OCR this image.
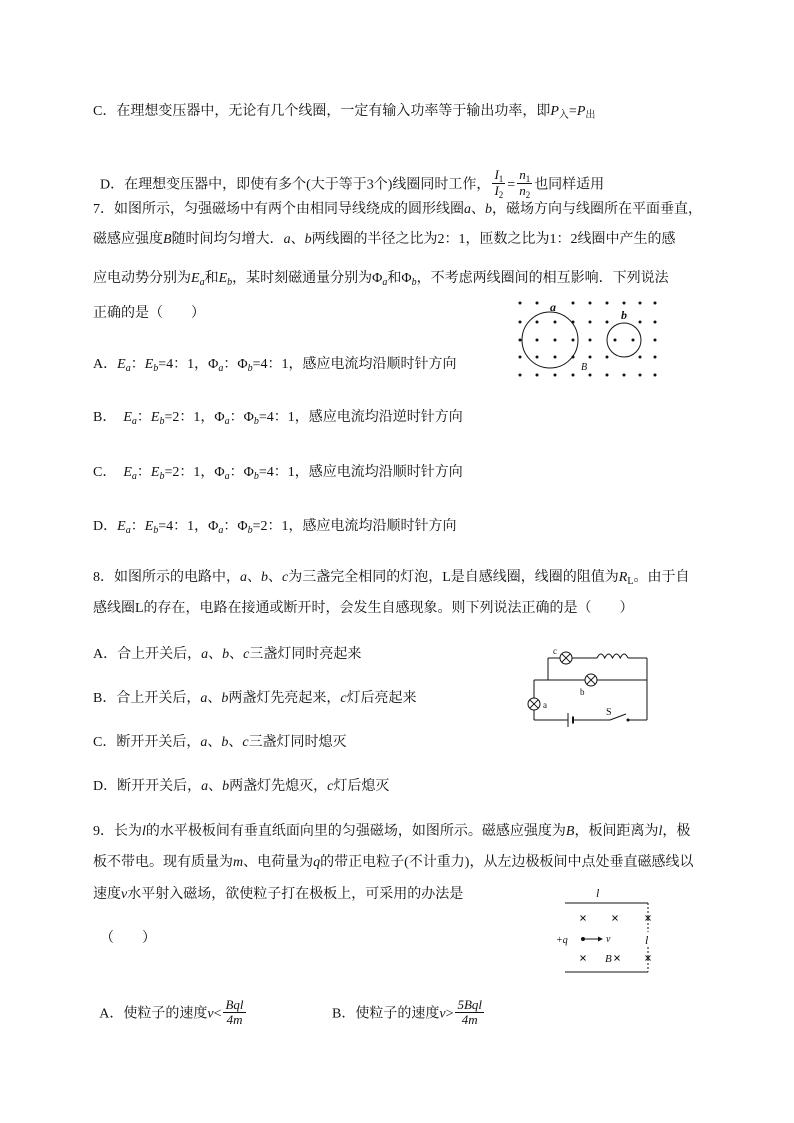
C．在理想变压器中，无论有几个线圈，一定有输入功率等于输出功率，即$P_入=P_出$

D．在理想变压器中，即使有多个(大于等于3个)线圈同时工作， $\frac{I_1}{I_2} = \frac{n_1}{n_2}$ 也同样适用

7．如图所示，匀强磁场中有两个由相同导线绕成的圆形线圈a、b，磁场方向与线圈所在平面垂直，
磁感应强度B随时间均匀增大．a、b两线圈的半径之比为2：1，匝数之比为1：2线圈中产生的感
应电动势分别为$E_a$和$E_b$，某时刻磁通量分别为$\Phi_a$和$\Phi_b$，不考虑两线圈间的相互影响．下列说法
正确的是（　　）
A．$E_a$：$E_b=4$：1，$\Phi_a$：$\Phi_b=4$：1，感应电流均沿顺时针方向
B．  $E_a$：$E_b=2$：1，$\Phi_a$：$\Phi_b=4$：1，感应电流均沿逆时针方向
C．  $E_a$：$E_b=2$：1，$\Phi_a$：$\Phi_b=4$：1，感应电流均沿顺时针方向
D．$E_a$：$E_b=4$：1，$\Phi_a$：$\Phi_b=2$：1，感应电流均沿顺时针方向
a
b
B
8．如图所示的电路中，a、b、c为三盏完全相同的灯泡，L是自感线圈，线圈的阻值为$R_L$。由于自
感线圈L的存在，电路在接通或断开时，会发生自感现象。则下列说法正确的是（　　）
A．合上开关后，a、b、c三盏灯同时亮起来
B．合上开关后，a、b两盏灯先亮起来，c灯后亮起来
C．断开开关后，a、b、c三盏灯同时熄灭
D．断开开关后，a、b两盏灯先熄灭，c灯后熄灭
c
b
a
S
9．长为l的水平极板间有垂直纸面向里的匀强磁场，如图所示。磁感应强度为B，板间距离为l，极
板不带电。现有质量为m、电荷量为q的带正电粒子(不计重力)，从左边极板间中点处垂直磁感线以
速度v水平射入磁场，欲使粒子打在极板上，可采用的办法是
（　　）

A．使粒子的速度$v< \frac{\text{Bql}}{4m}$	B．使粒子的速度$v> \frac{\text{5Bql}}{4m}$

l
l
+q	v
B
